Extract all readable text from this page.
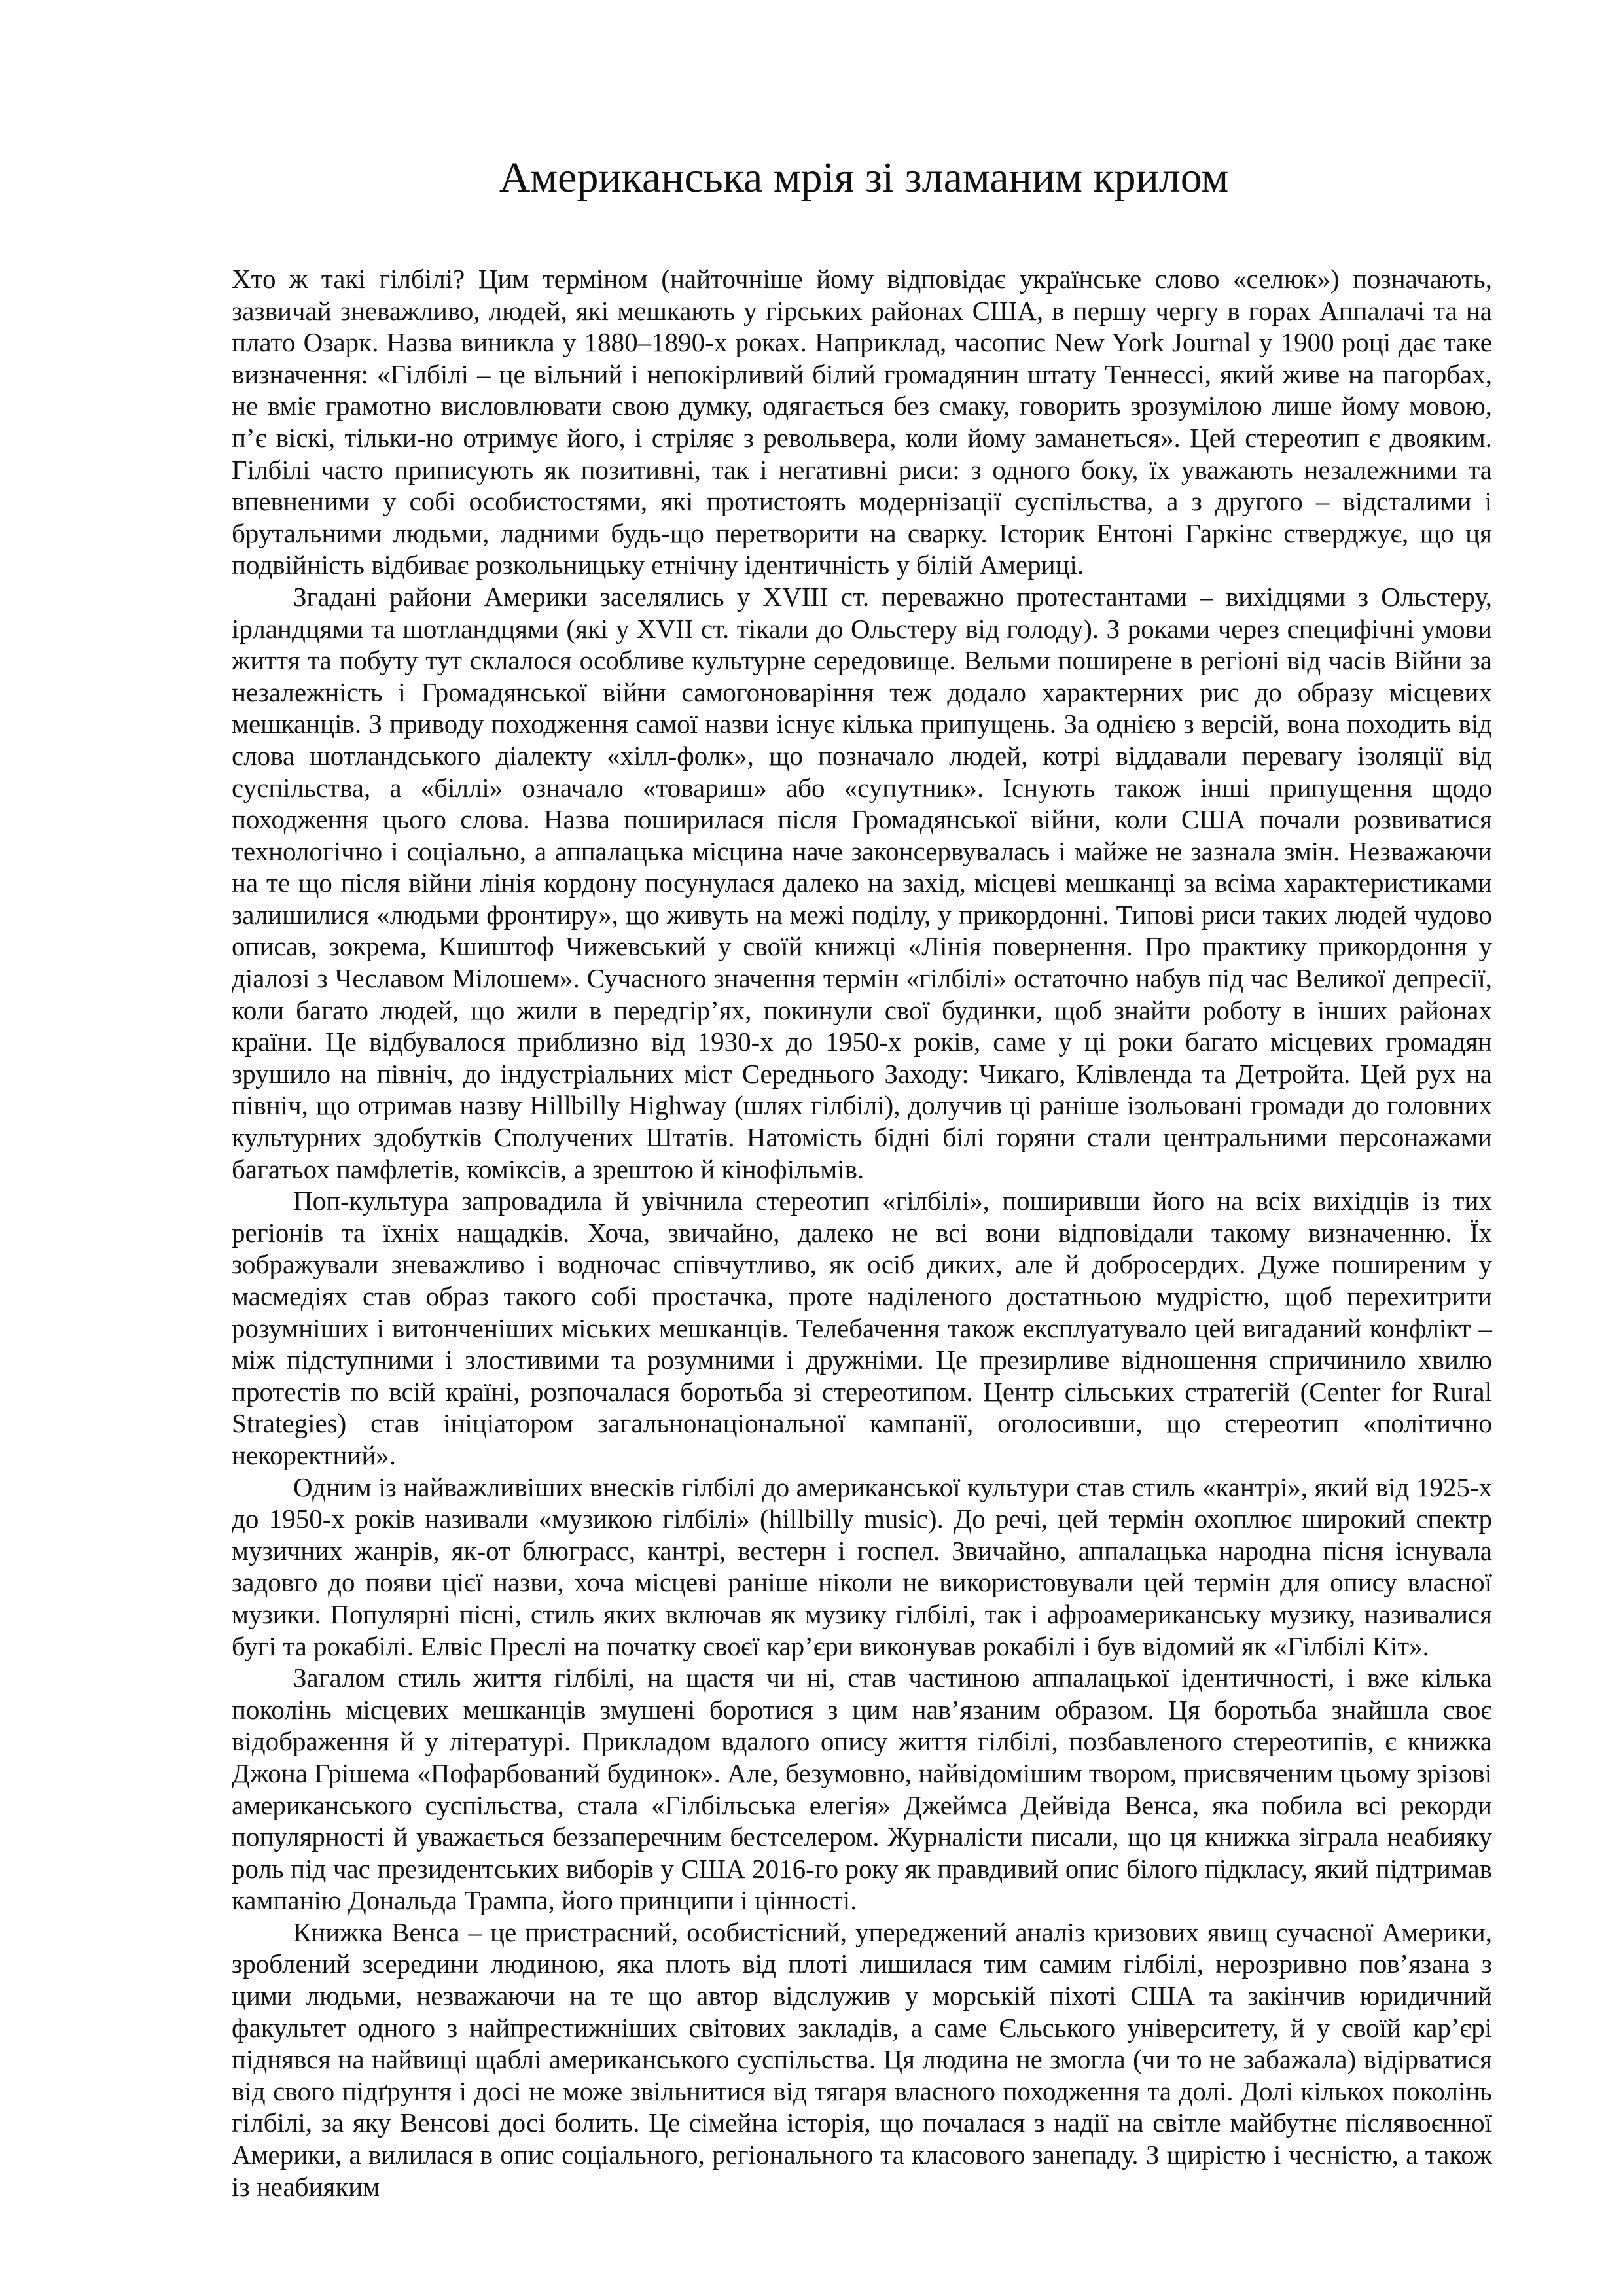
Американська мрія зі зламаним крилом

Хто ж такі гілбілі? Цим терміном (найточніше йому відповідає українське слово «селюк») позначають, зазвичай зневажливо, людей, які мешкають у гірських районах США, в першу чергу в горах Аппалачі та на плато Озарк. Назва виникла у 1880–1890-х роках. Наприклад, часопис New York Journal у 1900 році дає таке визначення: «Гілбілі – це вільний і непокірливий білий громадянин штату Теннессі, який живе на пагорбах, не вміє грамотно висловлювати свою думку, одягається без смаку, говорить зрозумілою лише йому мовою, п’є віскі, тільки-но отримує його, і стріляє з револьвера, коли йому заманеться». Цей стереотип є двояким. Гілбілі часто приписують як позитивні, так і негативні риси: з одного боку, їх уважають незалежними та впевненими у собі особистостями, які протистоять модернізації суспільства, а з другого – відсталими і брутальними людьми, ладними будь-що перетворити на сварку. Історик Ентоні Гаркінс стверджує, що ця подвійність відбиває розкольницьку етнічну ідентичність у білій Америці.

Згадані райони Америки заселялись у XVIII ст. переважно протестантами – вихідцями з Ольстеру, ірландцями та шотландцями (які у XVII ст. тікали до Ольстеру від голоду). З роками через специфічні умови життя та побуту тут склалося особливе культурне середовище. Вельми поширене в регіоні від часів Війни за незалежність і Громадянської війни самогоноваріння теж додало характерних рис до образу місцевих мешканців. З приводу походження самої назви існує кілька припущень. За однією з версій, вона походить від слова шотландського діалекту «хілл-фолк», що позначало людей, котрі віддавали перевагу ізоляції від суспільства, а «біллі» означало «товариш» або «супутник». Існують також інші припущення щодо походження цього слова. Назва поширилася після Громадянської війни, коли США почали розвиватися технологічно і соціально, а аппалацька місцина наче законсервувалась і майже не зазнала змін. Незважаючи на те що після війни лінія кордону посунулася далеко на захід, місцеві мешканці за всіма характеристиками залишилися «людьми фронтиру», що живуть на межі поділу, у прикордонні. Типові риси таких людей чудово описав, зокрема, Кшиштоф Чижевський у своїй книжці «Лінія повернення. Про практику прикордоння у діалозі з Чеславом Мілошем». Сучасного значення термін «гілбілі» остаточно набув під час Великої депресії, коли багато людей, що жили в передгір’ях, покинули свої будинки, щоб знайти роботу в інших районах країни. Це відбувалося приблизно від 1930-х до 1950-х років, саме у ці роки багато місцевих громадян зрушило на північ, до індустріальних міст Середнього Заходу: Чикаго, Клівленда та Детройта. Цей рух на північ, що отримав назву Hillbilly Highway (шлях гілбілі), долучив ці раніше ізольовані громади до головних культурних здобутків Сполучених Штатів. Натомість бідні білі горяни стали центральними персонажами багатьох памфлетів, коміксів, а зрештою й кінофільмів.

Поп-культура запровадила й увічнила стереотип «гілбілі», поширивши його на всіх вихідців із тих регіонів та їхніх нащадків. Хоча, звичайно, далеко не всі вони відповідали такому визначенню. Їх зображували зневажливо і водночас співчутливо, як осіб диких, але й добросердих. Дуже поширеним у масмедіях став образ такого собі простачка, проте наділеного достатньою мудрістю, щоб перехитрити розумніших і витонченіших міських мешканців. Телебачення також експлуатувало цей вигаданий конфлікт – між підступними і злостивими та розумними і дружніми. Це презирливе відношення спричинило хвилю протестів по всій країні, розпочалася боротьба зі стереотипом. Центр сільських стратегій (Center for Rural Strategies) став ініціатором загальнонаціональної кампанії, оголосивши, що стереотип «політично некоректний».

Одним із найважливіших внесків гілбілі до американської культури став стиль «кантрі», який від 1925-х до 1950-х років називали «музикою гілбілі» (hillbilly music). До речі, цей термін охоплює широкий спектр музичних жанрів, як-от блюграсс, кантрі, вестерн і госпел. Звичайно, аппалацька народна пісня існувала задовго до появи цієї назви, хоча місцеві раніше ніколи не використовували цей термін для опису власної музики. Популярні пісні, стиль яких включав як музику гілбілі, так і афроамериканську музику, називалися бугі та рокабілі. Елвіс Преслі на початку своєї кар’єри виконував рокабілі і був відомий як «Гілбілі Кіт».

Загалом стиль життя гілбілі, на щастя чи ні, став частиною аппалацької ідентичності, і вже кілька поколінь місцевих мешканців змушені боротися з цим нав’язаним образом. Ця боротьба знайшла своє відображення й у літературі. Прикладом вдалого опису життя гілбілі, позбавленого стереотипів, є книжка Джона Грішема «Пофарбований будинок». Але, безумовно, найвідомішим твором, присвяченим цьому зрізові американського суспільства, стала «Гілбільська елегія» Джеймса Дейвіда Венса, яка побила всі рекорди популярності й уважається беззаперечним бестселером. Журналісти писали, що ця книжка зіграла неабияку роль під час президентських виборів у США 2016-го року як правдивий опис білого підкласу, який підтримав кампанію Дональда Трампа, його принципи і цінності.

Книжка Венса – це пристрасний, особистісний, упереджений аналіз кризових явищ сучасної Америки, зроблений зсередини людиною, яка плоть від плоті лишилася тим самим гілбілі, нерозривно пов’язана з цими людьми, незважаючи на те що автор відслужив у морській піхоті США та закінчив юридичний факультет одного з найпрестижніших світових закладів, а саме Єльського університету, й у своїй кар’єрі піднявся на найвищі щаблі американського суспільства. Ця людина не змогла (чи то не забажала) відірватися від свого підґрунтя і досі не може звільнитися від тягаря власного походження та долі. Долі кількох поколінь гілбілі, за яку Венсові досі болить. Це сімейна історія, що почалася з надії на світле майбутнє післявоєнної Америки, а вилилася в опис соціального, регіонального та класового занепаду. З щирістю і чесністю, а також із неабияким
